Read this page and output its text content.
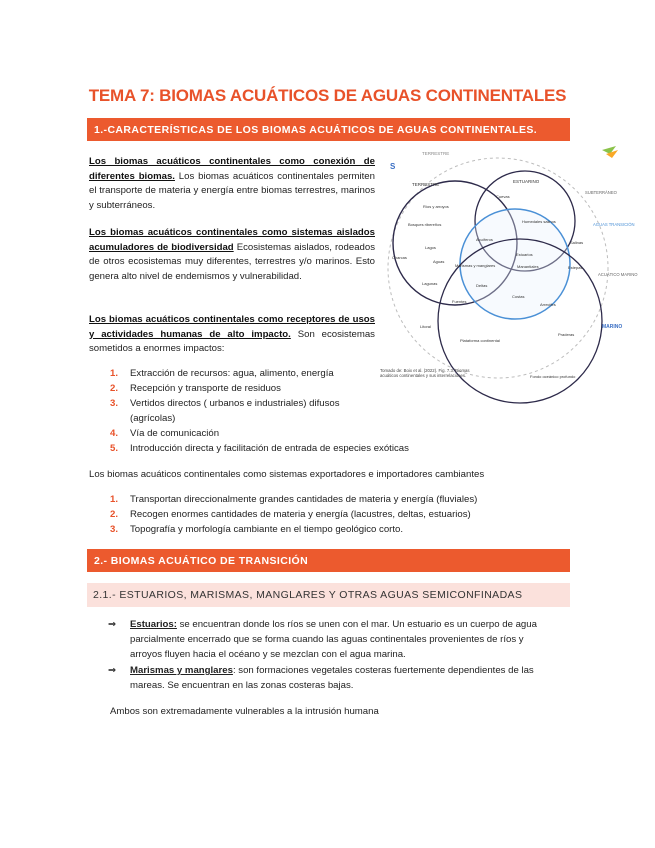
TEMA 7: BIOMAS ACUÁTICOS DE AGUAS CONTINENTALES
1.-CARACTERÍSTICAS DE LOS BIOMAS ACUÁTICOS DE AGUAS CONTINENTALES.
Los biomas acuáticos continentales como conexión de diferentes biomas. Los biomas acuáticos continentales permiten el transporte de materia y energía entre biomas terrestres, marinos y subterráneos.
Los biomas acuáticos continentales como sistemas aislados acumuladores de biodiversidad Ecosistemas aislados, rodeados de otros ecosistemas muy diferentes, terrestres y/o marinos. Esto genera alto nivel de endemismos y vulnerabilidad.
Los biomas acuáticos continentales como receptores de usos y actividades humanas de alto impacto. Son ecosistemas sometidos a enormes impactos:
1. Extracción de recursos: agua, alimento, energía
2. Recepción y transporte de residuos
3. Vertidos directos ( urbanos e industriales) difusos
(agrícolas)
4. Vía de comunicación
5. Introducción directa y facilitación de entrada de especies exóticas
Los biomas acuáticos continentales como sistemas exportadores e importadores cambiantes
1. Transportan direccionalmente grandes cantidades de materia y energía (fluviales)
2. Recogen enormes cantidades de materia y energía (lacustres, deltas, estuarios)
3. Topografía y morfología cambiante en el tiempo geológico corto.
2.- BIOMAS ACUÁTICO DE TRANSICIÓN
2.1.- ESTUARIOS, MARISMAS, MANGLARES Y OTRAS AGUAS SEMICONFINADAS
⇒ Estuarios: se encuentran donde los ríos se unen con el mar. Un estuario es un cuerpo de agua parcialmente encerrado que se forma cuando las aguas continentales provenientes de ríos y arroyos fluyen hacia el océano y se mezclan con el agua marina.
⇒ Marismas y manglares: son formaciones vegetales costeras fuertemente dependientes de las mareas. Se encuentran en las zonas costeras bajas.
Ambos son extremadamente vulnerables a la intrusión humana
TERRESTRE
S
TERRESTRE
ESTUARINO
SUBTERRÁNEO
AGUAS TRANSICIÓN
ACUÁTICO MARINO
MARINO
Ríos y arroyos
Bosques ribereños
Cuevas
Humedales salinos
Lagos
Aguas
Charcas
Acuíferos
Estuarios
Marismas y manglares
Lagunas
Manantiales
Deltas
Fuentes
Salinas
Estepas
Costas
Praderas
Arrecifes
Litoral
Plataforma continental
Fondo oceánico profundo
Tomado de: Boix et al. (2022). Fig. 7.3. Biomas acuáticos continentales y sus interrelaciones.
